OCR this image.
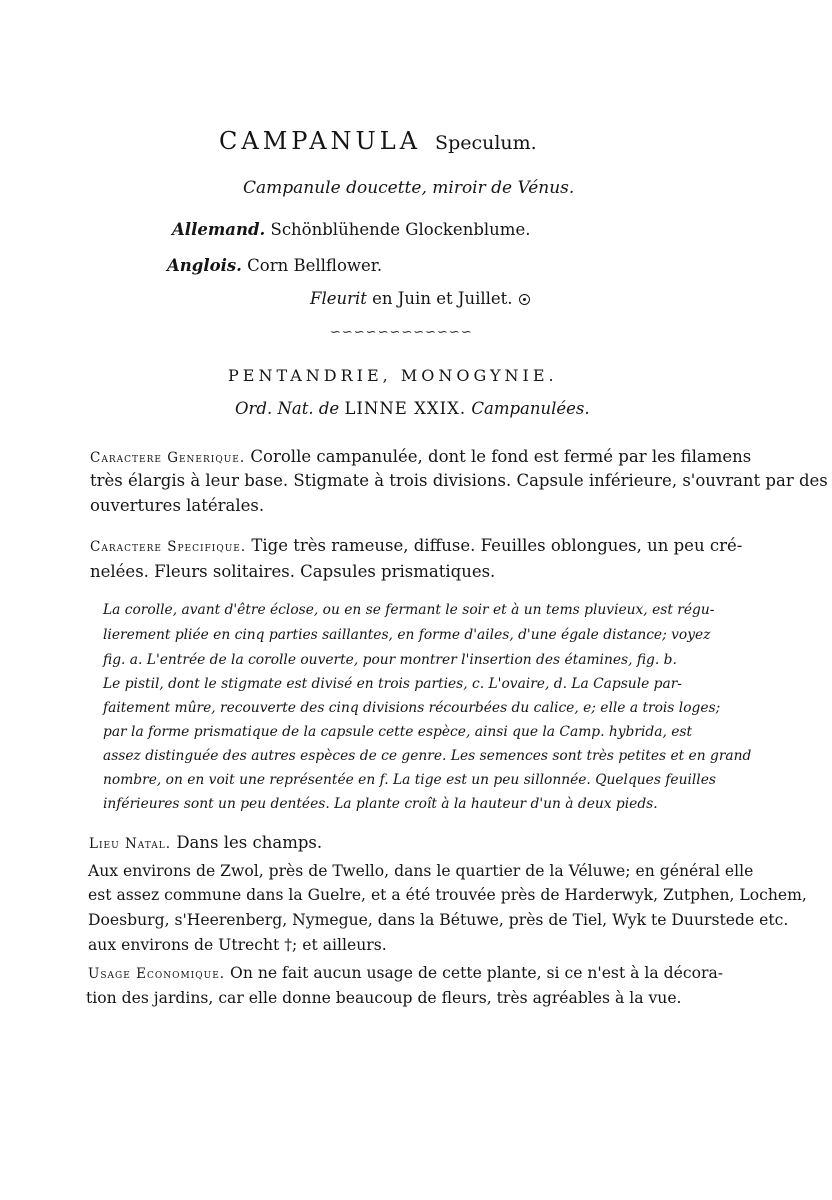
CAMPANULA Speculum.
Campanule doucette, miroir de Vénus.
Allemand. Schönblühende Glockenblume.
Anglois. Corn Bellflower.
Fleurit en Juin et Juillet.
∽∽∽∽∽∽∽∽∽∽∽∽
PENTANDRIE, MONOGYNIE.
Ord. Nat. de LINNE XXIX. Campanulées.
Caractere Generique. Corolle campanulée, dont le fond est fermé par les filamens
très élargis à leur base. Stigmate à trois divisions. Capsule inférieure, s'ouvrant par des
ouvertures latérales.
Caractere Specifique. Tige très rameuse, diffuse. Feuilles oblongues, un peu cré-
nelées. Fleurs solitaires. Capsules prismatiques.
La corolle, avant d'être éclose, ou en se fermant le soir et à un tems pluvieux, est régu-
lierement pliée en cinq parties saillantes, en forme d'ailes, d'une égale distance; voyez
fig. a. L'entrée de la corolle ouverte, pour montrer l'insertion des étamines, fig. b.
Le pistil, dont le stigmate est divisé en trois parties, c. L'ovaire, d. La Capsule par-
faitement mûre, recouverte des cinq divisions récourbées du calice, e; elle a trois loges;
par la forme prismatique de la capsule cette espèce, ainsi que la Camp. hybrida, est
assez distinguée des autres espèces de ce genre. Les semences sont très petites et en grand
nombre, on en voit une représentée en f. La tige est un peu sillonnée. Quelques feuilles
inférieures sont un peu dentées. La plante croît à la hauteur d'un à deux pieds.
Lieu Natal. Dans les champs.
Aux environs de Zwol, près de Twello, dans le quartier de la Véluwe; en général elle
est assez commune dans la Guelre, et a été trouvée près de Harderwyk, Zutphen, Lochem,
Doesburg, s'Heerenberg, Nymegue, dans la Bétuwe, près de Tiel, Wyk te Duurstede etc.
aux environs de Utrecht †; et ailleurs.
Usage Economique. On ne fait aucun usage de cette plante, si ce n'est à la décora-
tion des jardins, car elle donne beaucoup de fleurs, très agréables à la vue.
